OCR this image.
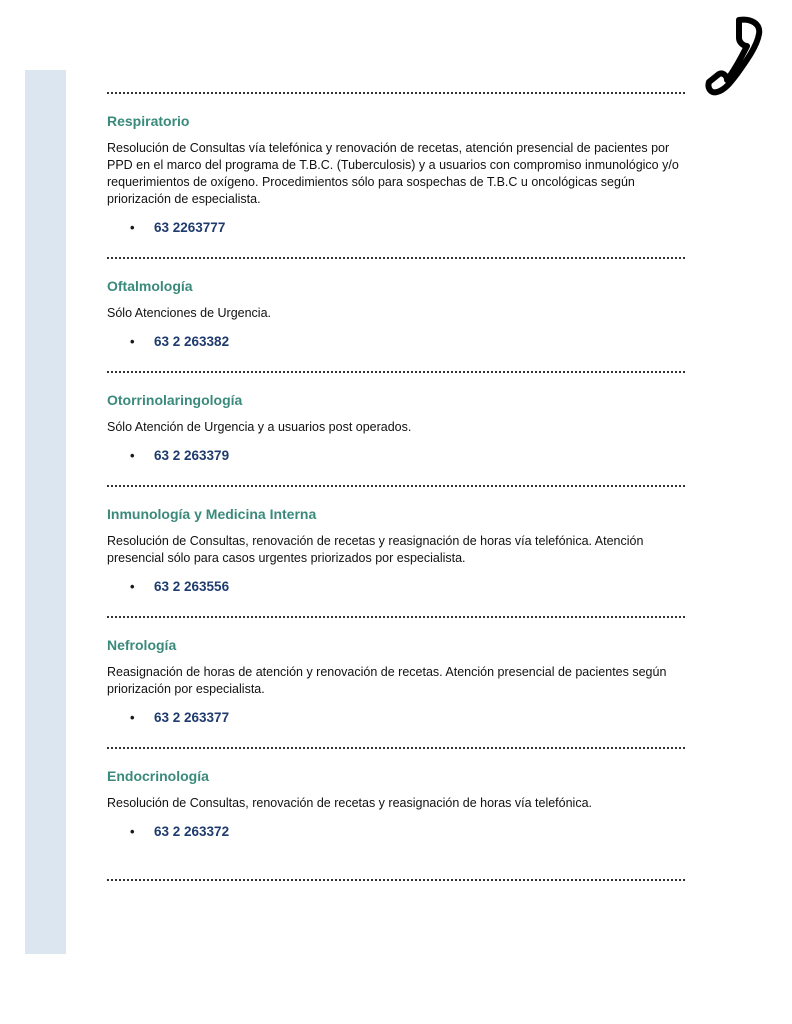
Respiratorio
Resolución de Consultas vía telefónica y renovación de recetas, atención presencial de pacientes por PPD en el marco del programa de T.B.C. (Tuberculosis) y a usuarios con compromiso inmunológico y/o requerimientos de oxígeno. Procedimientos sólo para sospechas de T.B.C u oncológicas según priorización de especialista.
• 63 2263777
Oftalmología
Sólo Atenciones de Urgencia.
• 63 2 263382
Otorrinolaringología
Sólo Atención de Urgencia y a usuarios post operados.
• 63 2 263379
Inmunología y Medicina Interna
Resolución de Consultas, renovación de recetas y reasignación de horas vía telefónica. Atención presencial sólo para casos urgentes priorizados por especialista.
• 63 2 263556
Nefrología
Reasignación de horas de atención y renovación de recetas. Atención presencial de pacientes según priorización por especialista.
• 63 2 263377
Endocrinología
Resolución de Consultas, renovación de recetas y reasignación de horas vía telefónica.
• 63 2 263372
